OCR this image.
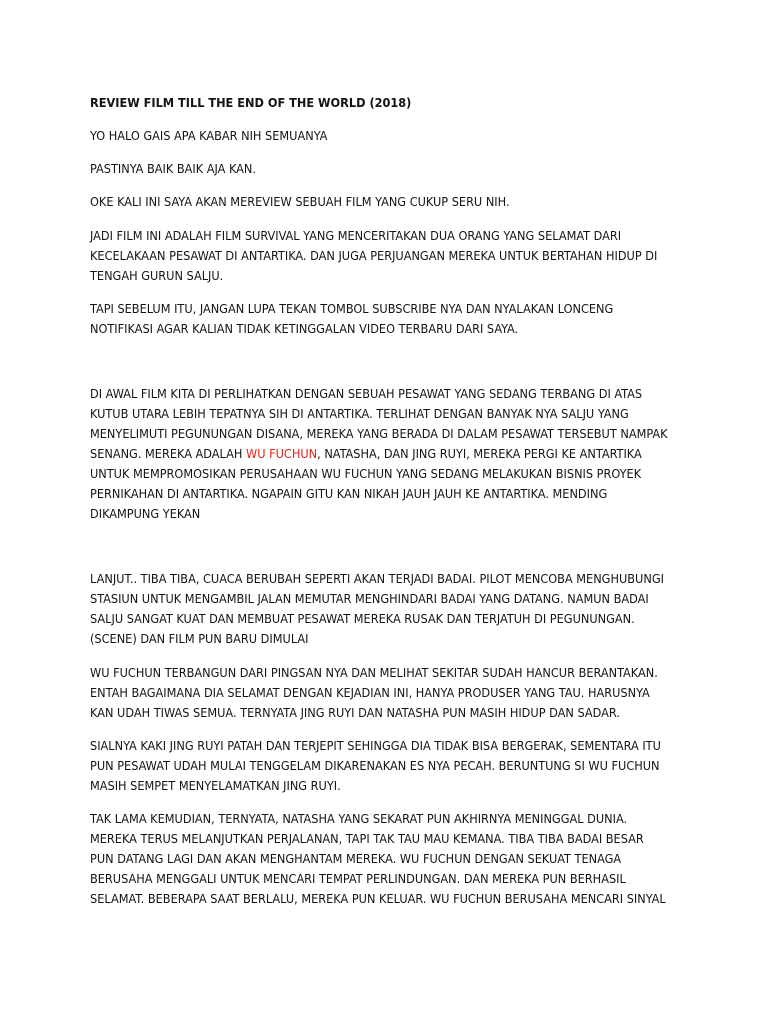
REVIEW FILM TILL THE END OF THE WORLD (2018)

YO HALO GAIS APA KABAR NIH SEMUANYA

PASTINYA BAIK BAIK AJA KAN.

OKE KALI INI SAYA AKAN MEREVIEW SEBUAH FILM YANG CUKUP SERU NIH.

JADI FILM INI ADALAH FILM SURVIVAL YANG MENCERITAKAN DUA ORANG YANG SELAMAT DARI

KECELAKAAN PESAWAT DI ANTARTIKA. DAN JUGA PERJUANGAN MEREKA UNTUK BERTAHAN HIDUP DI

TENGAH GURUN SALJU.

TAPI SEBELUM ITU, JANGAN LUPA TEKAN TOMBOL SUBSCRIBE NYA DAN NYALAKAN LONCENG

NOTIFIKASI AGAR KALIAN TIDAK KETINGGALAN VIDEO TERBARU DARI SAYA.

DI AWAL FILM KITA DI PERLIHATKAN DENGAN SEBUAH PESAWAT YANG SEDANG TERBANG DI ATAS

KUTUB UTARA LEBIH TEPATNYA SIH DI ANTARTIKA. TERLIHAT DENGAN BANYAK NYA SALJU YANG

MENYELIMUTI PEGUNUNGAN DISANA, MEREKA YANG BERADA DI DALAM PESAWAT TERSEBUT NAMPAK

SENANG. MEREKA ADALAH WU FUCHUN, NATASHA, DAN JING RUYI, MEREKA PERGI KE ANTARTIKA

UNTUK MEMPROMOSIKAN PERUSAHAAN WU FUCHUN YANG SEDANG MELAKUKAN BISNIS PROYEK

PERNIKAHAN DI ANTARTIKA. NGAPAIN GITU KAN NIKAH JAUH JAUH KE ANTARTIKA. MENDING

DIKAMPUNG YEKAN

LANJUT.. TIBA TIBA, CUACA BERUBAH SEPERTI AKAN TERJADI BADAI. PILOT MENCOBA MENGHUBUNGI

STASIUN UNTUK MENGAMBIL JALAN MEMUTAR MENGHINDARI BADAI YANG DATANG. NAMUN BADAI

SALJU SANGAT KUAT DAN MEMBUAT PESAWAT MEREKA RUSAK DAN TERJATUH DI PEGUNUNGAN.

(SCENE) DAN FILM PUN BARU DIMULAI

WU FUCHUN TERBANGUN DARI PINGSAN NYA DAN MELIHAT SEKITAR SUDAH HANCUR BERANTAKAN.

ENTAH BAGAIMANA DIA SELAMAT DENGAN KEJADIAN INI, HANYA PRODUSER YANG TAU. HARUSNYA

KAN UDAH TIWAS SEMUA. TERNYATA JING RUYI DAN NATASHA PUN MASIH HIDUP DAN SADAR.

SIALNYA KAKI JING RUYI PATAH DAN TERJEPIT SEHINGGA DIA TIDAK BISA BERGERAK, SEMENTARA ITU

PUN PESAWAT UDAH MULAI TENGGELAM DIKARENAKAN ES NYA PECAH. BERUNTUNG SI WU FUCHUN

MASIH SEMPET MENYELAMATKAN JING RUYI.

TAK LAMA KEMUDIAN, TERNYATA, NATASHA YANG SEKARAT PUN AKHIRNYA MENINGGAL DUNIA.

MEREKA TERUS MELANJUTKAN PERJALANAN, TAPI TAK TAU MAU KEMANA. TIBA TIBA BADAI BESAR

PUN DATANG LAGI DAN AKAN MENGHANTAM MEREKA. WU FUCHUN DENGAN SEKUAT TENAGA

BERUSAHA MENGGALI UNTUK MENCARI TEMPAT PERLINDUNGAN. DAN MEREKA PUN BERHASIL

SELAMAT. BEBERAPA SAAT BERLALU, MEREKA PUN KELUAR. WU FUCHUN BERUSAHA MENCARI SINYAL
